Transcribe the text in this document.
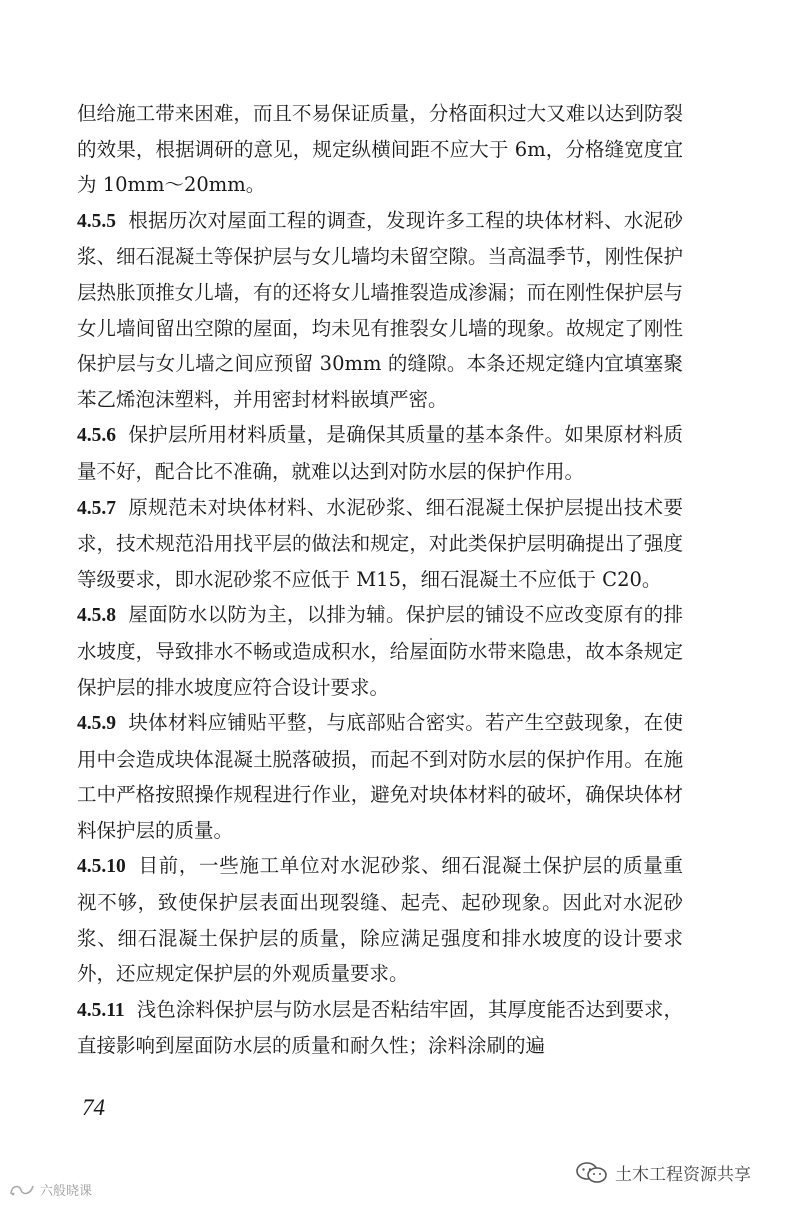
但给施工带来困难，而且不易保证质量，分格面积过大又难以达到防裂的效果，根据调研的意见，规定纵横间距不应大于 6m，分格缝宽度宜为 10mm～20mm。

4.5.5 根据历次对屋面工程的调查，发现许多工程的块体材料、水泥砂浆、细石混凝土等保护层与女儿墙均未留空隙。当高温季节，刚性保护层热胀顶推女儿墙，有的还将女儿墙推裂造成渗漏；而在刚性保护层与女儿墙间留出空隙的屋面，均未见有推裂女儿墙的现象。故规定了刚性保护层与女儿墙之间应预留 30mm 的缝隙。本条还规定缝内宜填塞聚苯乙烯泡沫塑料，并用密封材料嵌填严密。

4.5.6 保护层所用材料质量，是确保其质量的基本条件。如果原材料质量不好，配合比不准确，就难以达到对防水层的保护作用。

4.5.7 原规范未对块体材料、水泥砂浆、细石混凝土保护层提出技术要求，技术规范沿用找平层的做法和规定，对此类保护层明确提出了强度等级要求，即水泥砂浆不应低于 M15，细石混凝土不应低于 C20。

4.5.8 屋面防水以防为主，以排为辅。保护层的铺设不应改变原有的排水坡度，导致排水不畅或造成积水，给屋面防水带来隐患，故本条规定保护层的排水坡度应符合设计要求。

4.5.9 块体材料应铺贴平整，与底部贴合密实。若产生空鼓现象，在使用中会造成块体混凝土脱落破损，而起不到对防水层的保护作用。在施工中严格按照操作规程进行作业，避免对块体材料的破坏，确保块体材料保护层的质量。

4.5.10 目前，一些施工单位对水泥砂浆、细石混凝土保护层的质量重视不够，致使保护层表面出现裂缝、起壳、起砂现象。因此对水泥砂浆、细石混凝土保护层的质量，除应满足强度和排水坡度的设计要求外，还应规定保护层的外观质量要求。

4.5.11 浅色涂料保护层与防水层是否粘结牢固，其厚度能否达到要求，直接影响到屋面防水层的质量和耐久性；涂料涂刷的遍

74
土木工程资源共享
六般晓课
